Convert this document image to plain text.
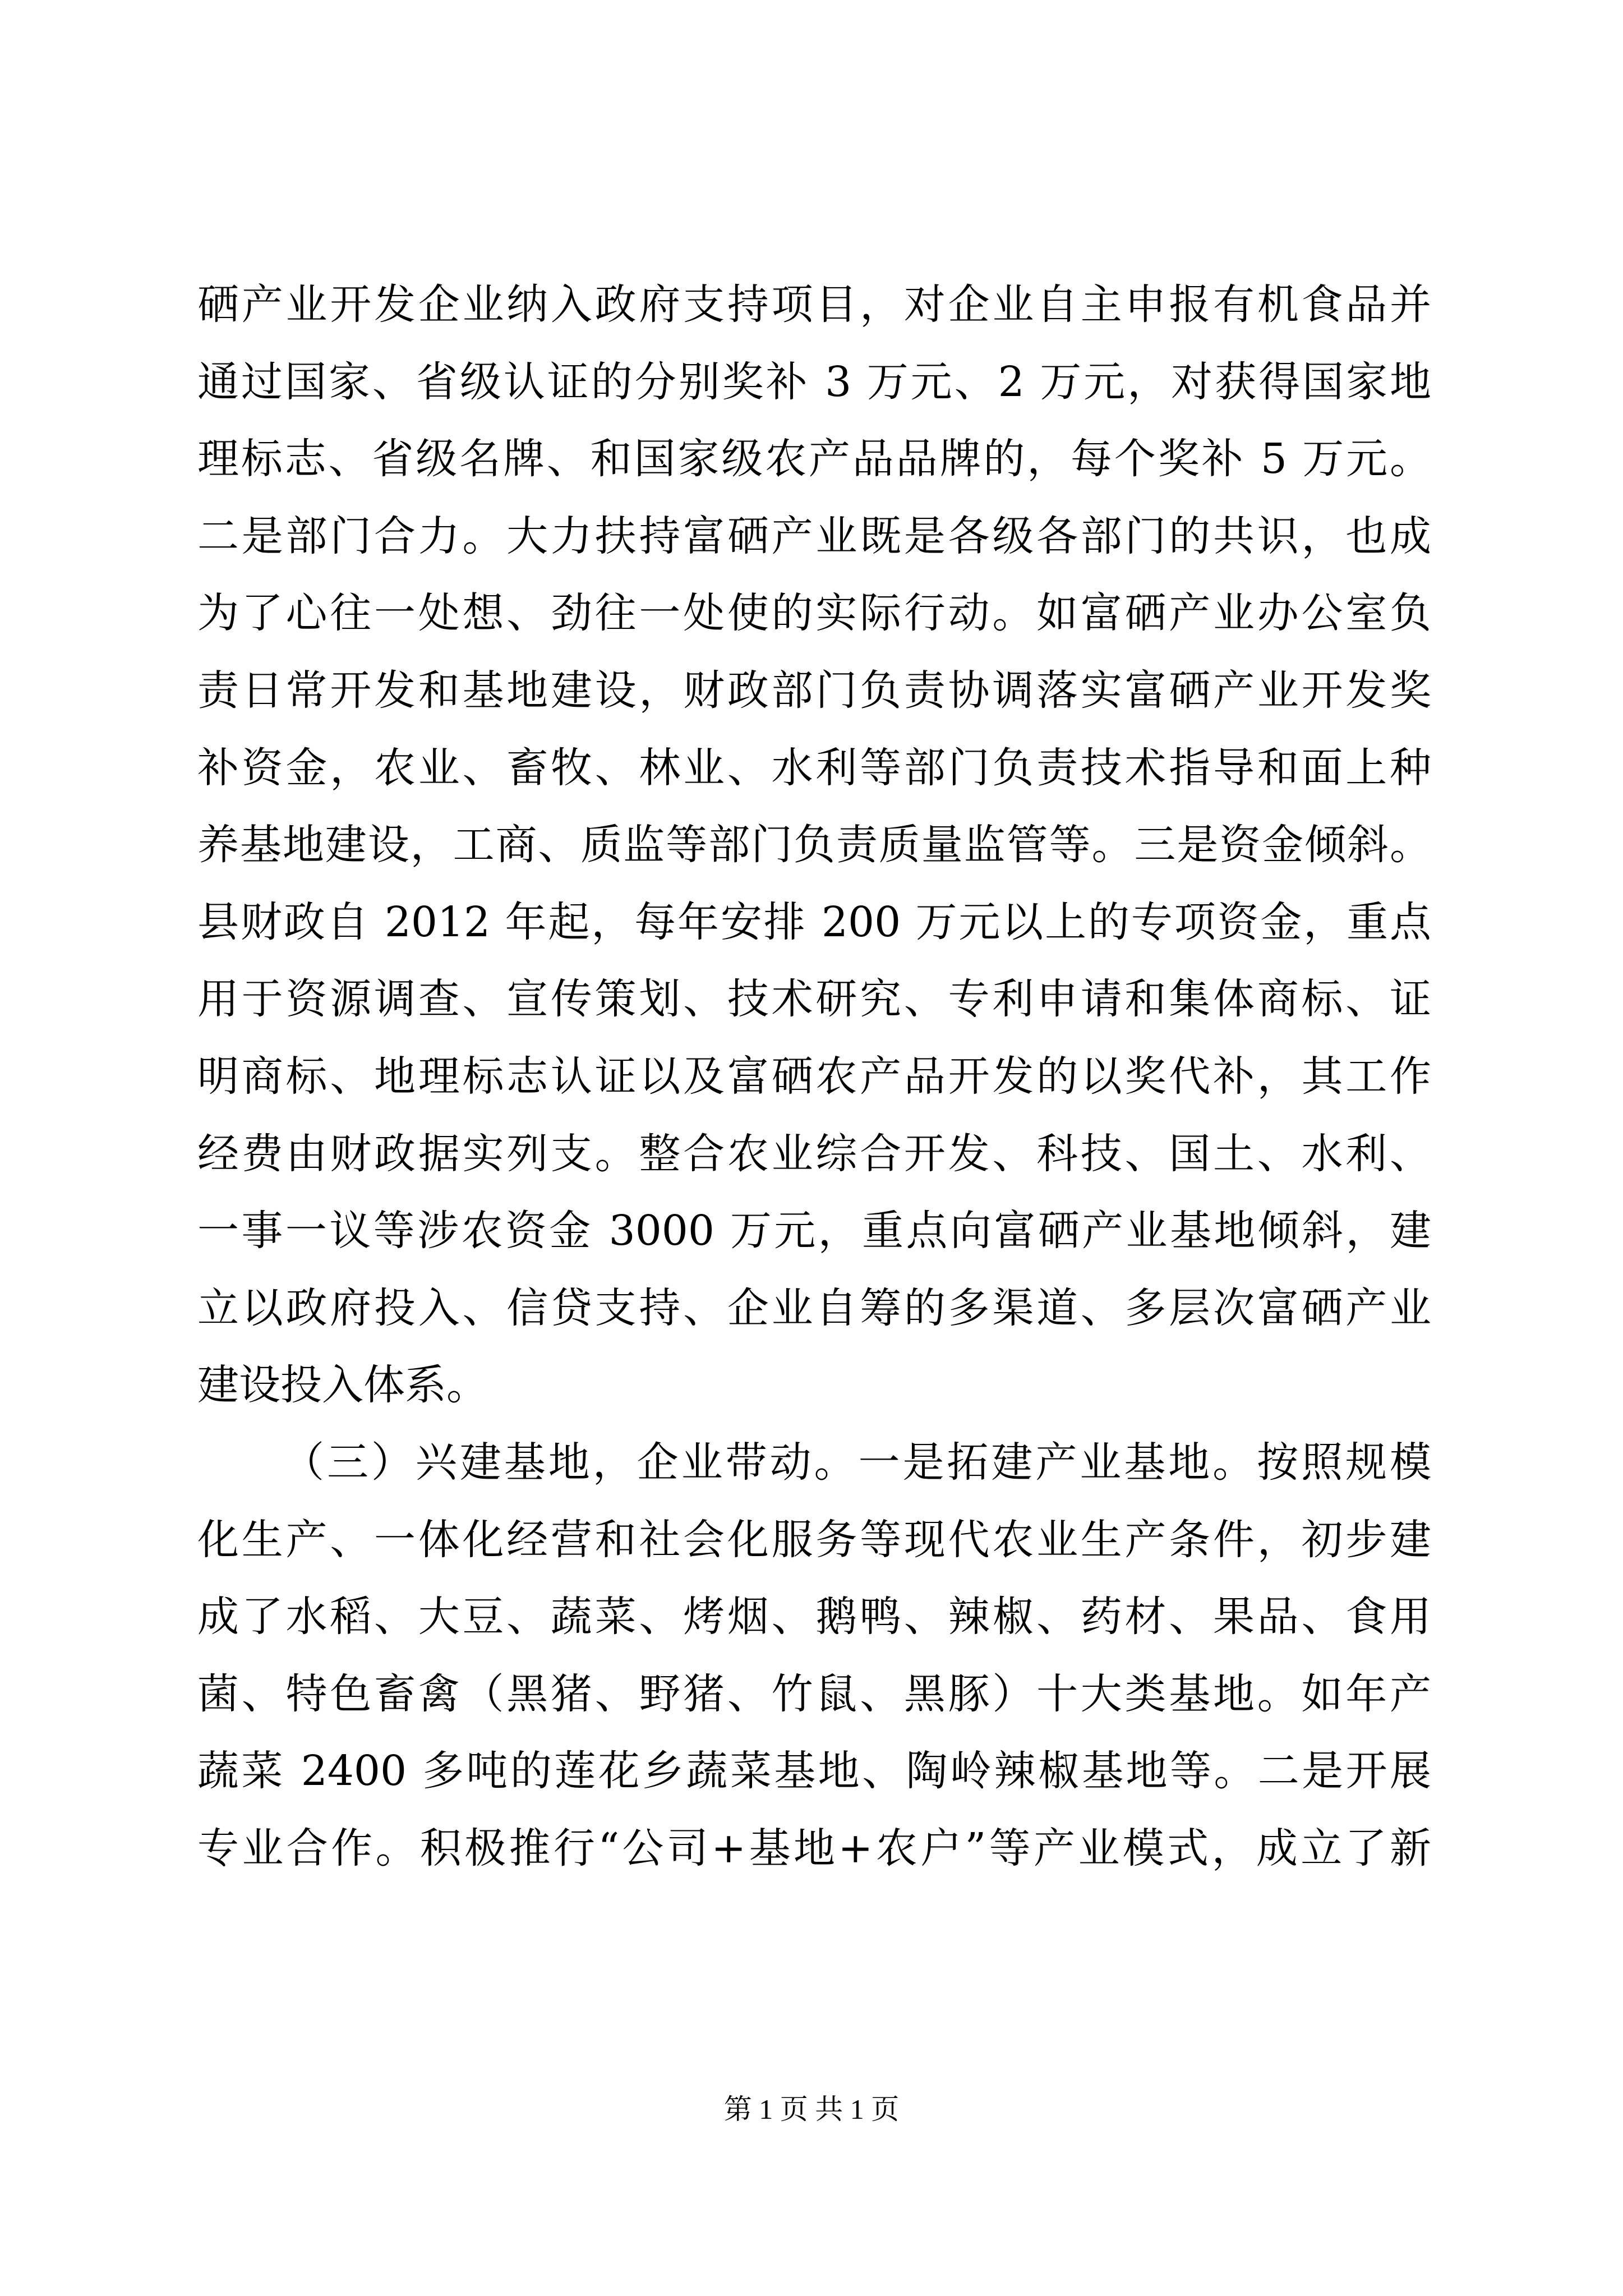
硒产业开发企业纳入政府支持项目，对企业自主申报有机食品并
通过国家、省级认证的分别奖补 3 万元、2 万元，对获得国家地
理标志、省级名牌、和国家级农产品品牌的，每个奖补 5 万元。
二是部门合力。大力扶持富硒产业既是各级各部门的共识，也成
为了心往一处想、劲往一处使的实际行动。如富硒产业办公室负
责日常开发和基地建设，财政部门负责协调落实富硒产业开发奖
补资金，农业、畜牧、林业、水利等部门负责技术指导和面上种
养基地建设，工商、质监等部门负责质量监管等。三是资金倾斜。
县财政自 2012 年起，每年安排 200 万元以上的专项资金，重点
用于资源调查、宣传策划、技术研究、专利申请和集体商标、证
明商标、地理标志认证以及富硒农产品开发的以奖代补，其工作
经费由财政据实列支。整合农业综合开发、科技、国土、水利、
一事一议等涉农资金 3000 万元，重点向富硒产业基地倾斜，建
立以政府投入、信贷支持、企业自筹的多渠道、多层次富硒产业
建设投入体系。
（三）兴建基地，企业带动。一是拓建产业基地。按照规模
化生产、一体化经营和社会化服务等现代农业生产条件，初步建
成了水稻、大豆、蔬菜、烤烟、鹅鸭、辣椒、药材、果品、食用
菌、特色畜禽（黑猪、野猪、竹鼠、黑豚）十大类基地。如年产
蔬菜 2400 多吨的莲花乡蔬菜基地、陶岭辣椒基地等。二是开展
专业合作。积极推行“公司+基地+农户”等产业模式，成立了新
第 1 页 共 1 页
